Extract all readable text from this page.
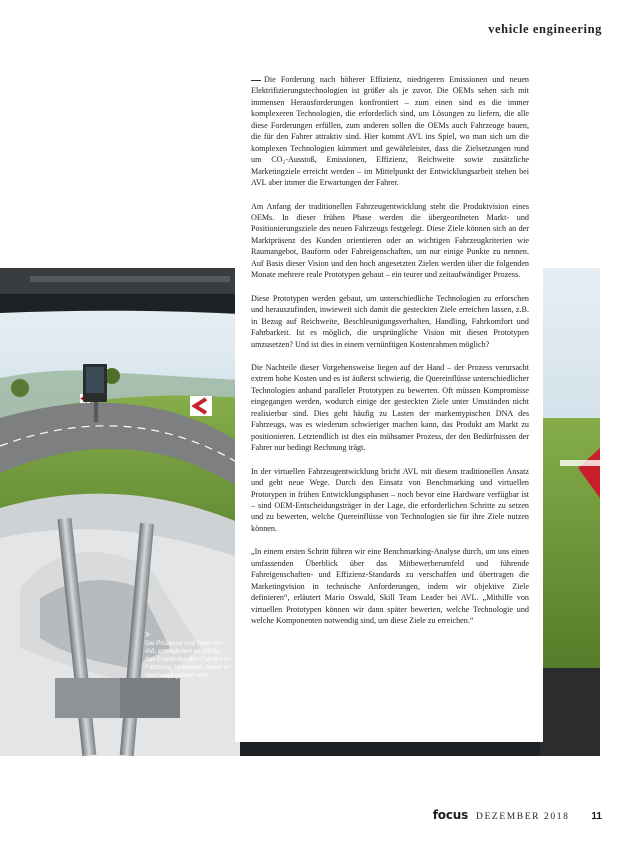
vehicle engineering
>
Die Prozesse und Tools von AVL ermöglichen es OEMs, das Empfinden des Fahrers im Fahrzeug zu erleben, bevor es überhaupt gebaut wird.

Die Forderung nach höherer Effizienz, niedrigeren Emissionen und neuen Elektrifizierungstechnologien ist größer als je zuvor. Die OEMs sehen sich mit immensen Herausforderungen konfrontiert – zum einen sind es die immer komplexeren Technologien, die erforderlich sind, um Lösungen zu liefern, die alle diese Forderungen erfüllen, zum anderen sollen die OEMs auch Fahrzeuge bauen, die für den Fahrer attraktiv sind. Hier kommt AVL ins Spiel, wo man sich um die komplexen Technologien kümmert und gewährleistet, dass die Zielsetzungen rund um CO₂-Ausstoß, Emissionen, Effizienz, Reichweite sowie zusätzliche Marketingziele erreicht werden – im Mittelpunkt der Entwicklungsarbeit stehen bei AVL aber immer die Erwartungen der Fahrer.

Am Anfang der traditionellen Fahrzeugentwicklung steht die Produktvision eines OEMs. In dieser frühen Phase werden die übergeordneten Markt- und Positionierungsziele des neuen Fahrzeugs festgelegt. Diese Ziele können sich an der Marktpräsenz des Kunden orientieren oder an wichtigen Fahrzeugkriterien wie Raumangebot, Bauform oder Fahreigenschaften, um nur einige Punkte zu nennen. Auf Basis dieser Vision und den hoch angesetzten Zielen werden über die folgenden Monate mehrere reale Prototypen gebaut – ein teurer und zeitaufwändiger Prozess.

Diese Prototypen werden gebaut, um unterschiedliche Technologien zu erforschen und herauszufinden, inwieweit sich damit die gesteckten Ziele erreichen lassen, z.B. in Bezug auf Reichweite, Beschleunigungsverhalten, Handling, Fahrkomfort und Fahrbarkeit. Ist es möglich, die ursprüngliche Vision mit diesen Prototypen umzusetzen? Und ist dies in einem vernünftigen Kostenrahmen möglich?

Die Nachteile dieser Vorgehensweise liegen auf der Hand – der Prozess verursacht extrem hohe Kosten und es ist äußerst schwierig, die Quereinflüsse unterschiedlicher Technologien anhand paralleler Prototypen zu bewerten. Oft müssen Kompromisse eingegangen werden, wodurch einige der gesteckten Ziele unter Umständen nicht realisierbar sind. Dies geht häufig zu Lasten der markentypischen DNA des Fahrzeugs, was es wiederum schwieriger machen kann, das Produkt am Markt zu positionieren. Letztendlich ist dies ein mühsamer Prozess, der den Bedürfnissen der Fahrer nur bedingt Rechnung trägt.

In der virtuellen Fahrzeugentwicklung bricht AVL mit diesem traditionellen Ansatz und geht neue Wege. Durch den Einsatz von Benchmarking und virtuellen Prototypen in frühen Entwicklungsphasen – noch bevor eine Hardware verfügbar ist – sind OEM-Entscheidungsträger in der Lage, die erforderlichen Schritte zu setzen und zu bewerten, welche Quereinflüsse von Technologien sie für ihre Ziele nutzen können.

„In einem ersten Schritt führen wir eine Benchmarking-Analyse durch, um uns einen umfassenden Überblick über das Mitbewerberumfeld und führende Fahreigenschaften- und Effizienz-Standards zu verschaffen und übertragen die Marketingvision in technische Anforderungen, indem wir objektive Ziele definieren“, erläutert Mario Oswald, Skill Team Leader bei AVL. „Mithilfe von virtuellen Prototypen können wir dann später bewerten, welche Technologie und welche Komponenten notwendig sind, um diese Ziele zu erreichen.“

focus DEZEMBER 2018 11
